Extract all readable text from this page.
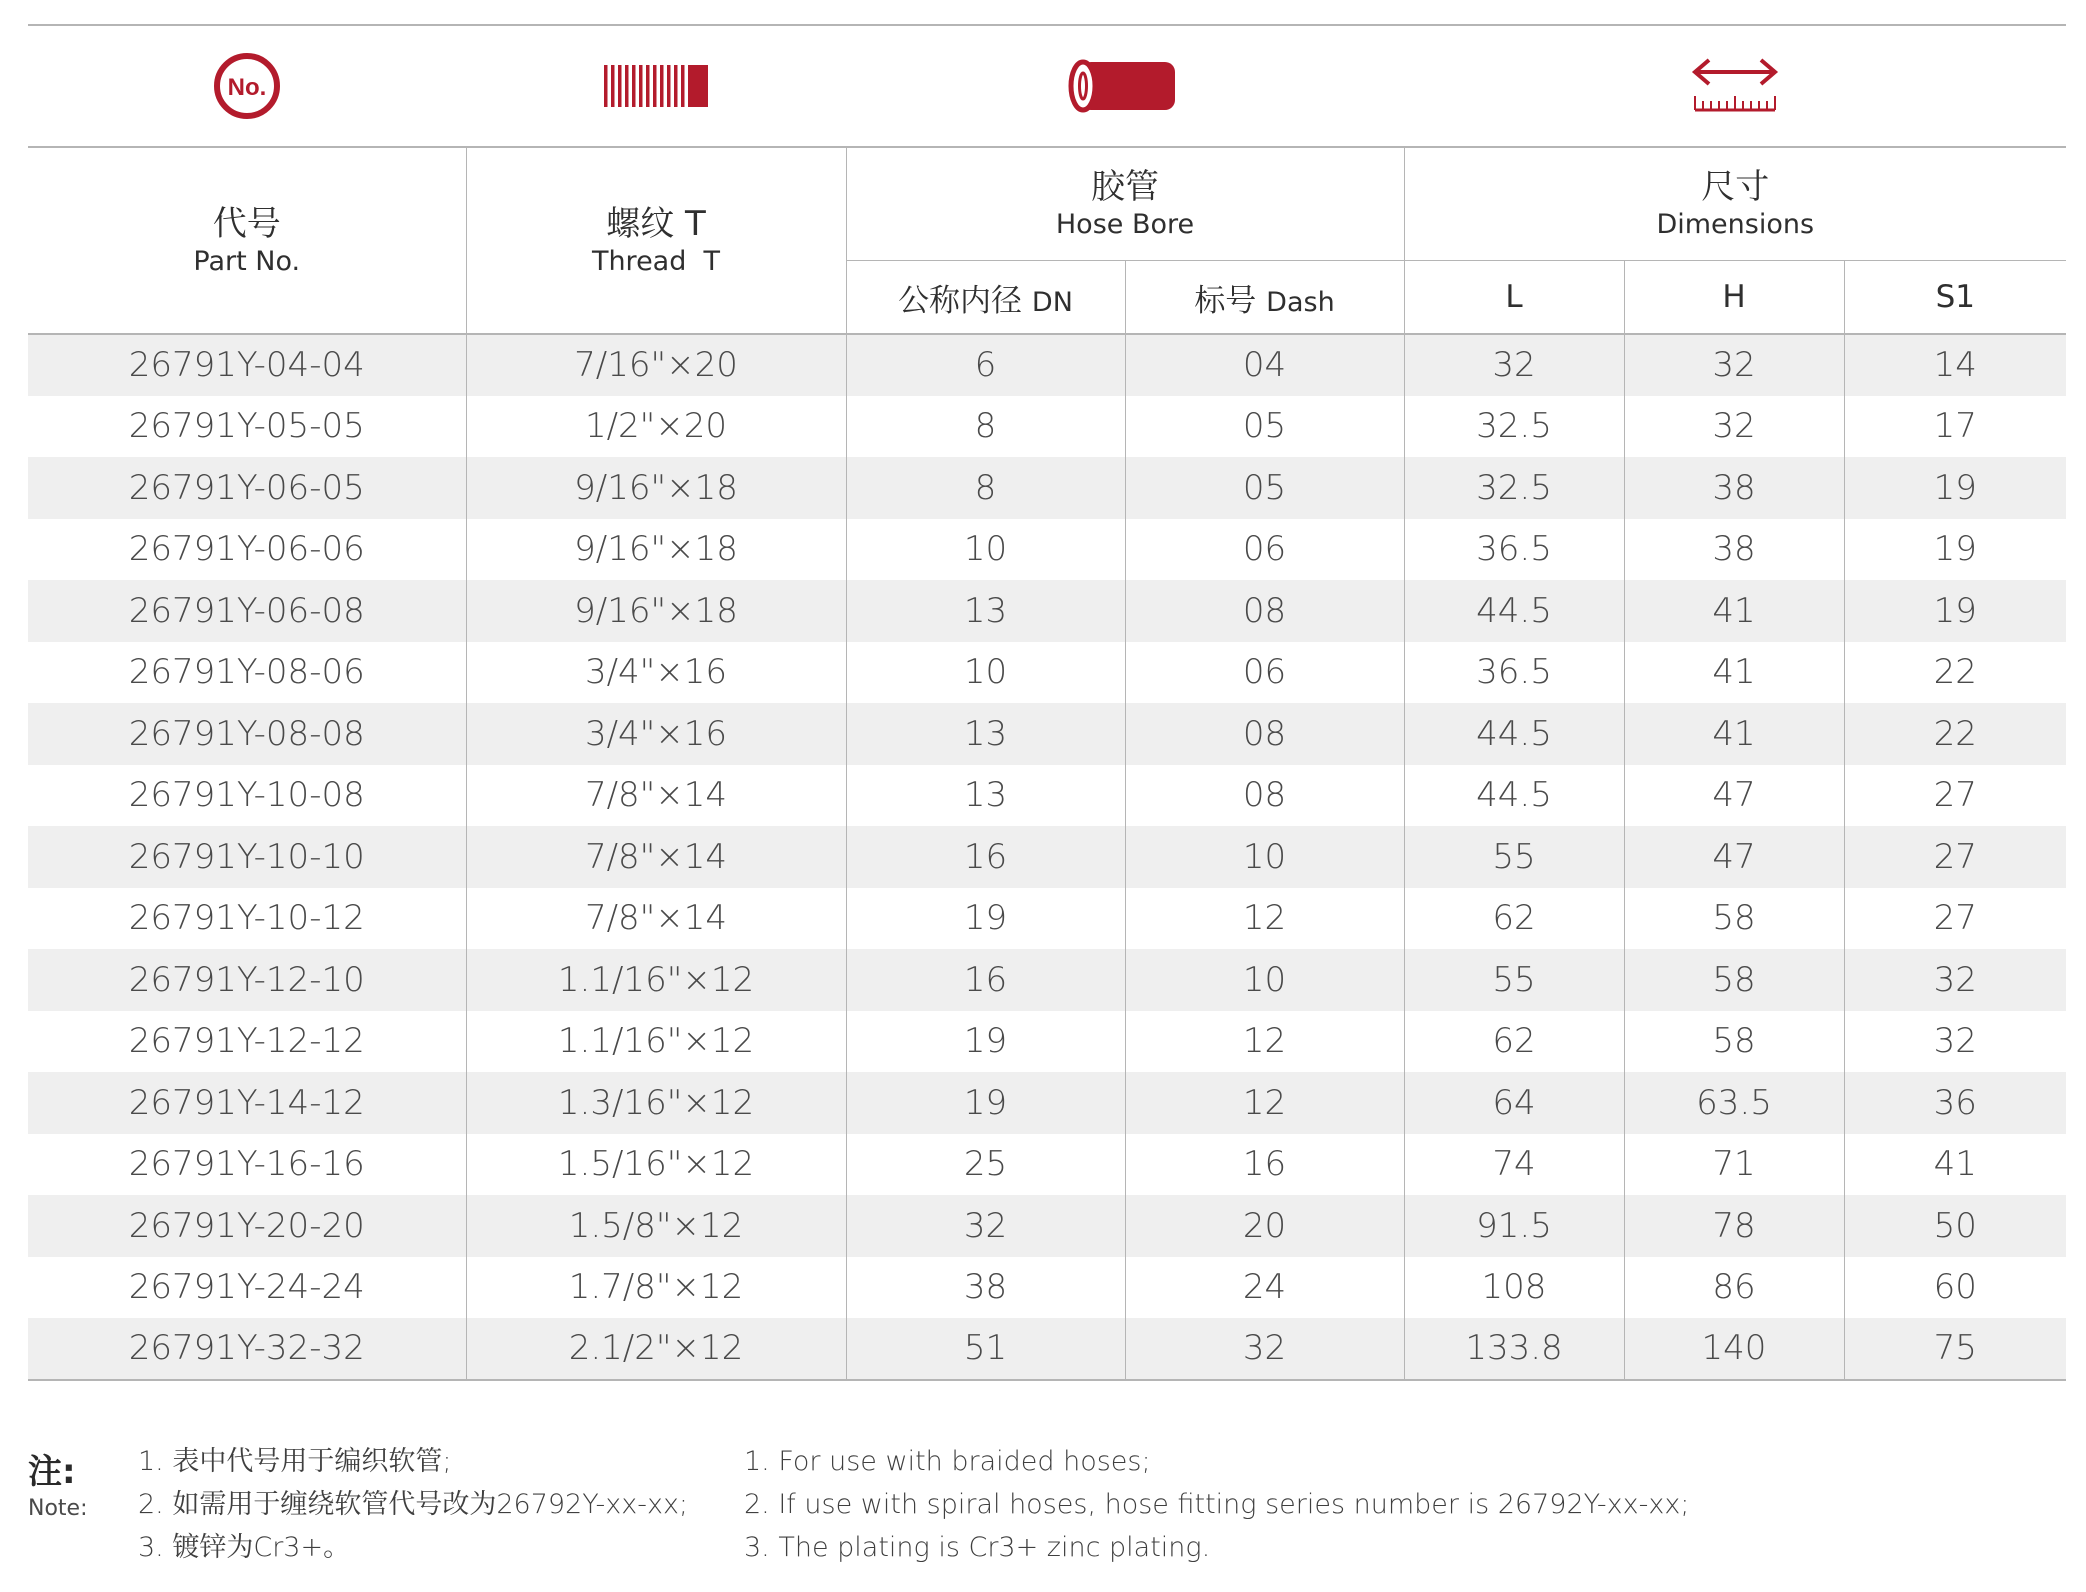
No.
代号
Part No.	螺纹 T
Thread  T	胶管
Hose Bore		尺寸
Dimensions		

		公称内径 DN	标号 Dash	L	H	S1
26791Y-04-04	7/16"×20	6	04	32	32	14
26791Y-05-05	1/2"×20	8	05	32.5	32	17
26791Y-06-05	9/16"×18	8	05	32.5	38	19
26791Y-06-06	9/16"×18	10	06	36.5	38	19
26791Y-06-08	9/16"×18	13	08	44.5	41	19
26791Y-08-06	3/4"×16	10	06	36.5	41	22
26791Y-08-08	3/4"×16	13	08	44.5	41	22
26791Y-10-08	7/8"×14	13	08	44.5	47	27
26791Y-10-10	7/8"×14	16	10	55	47	27
26791Y-10-12	7/8"×14	19	12	62	58	27
26791Y-12-10	1.1/16"×12	16	10	55	58	32
26791Y-12-12	1.1/16"×12	19	12	62	58	32
26791Y-14-12	1.3/16"×12	19	12	64	63.5	36
26791Y-16-16	1.5/16"×12	25	16	74	71	41
26791Y-20-20	1.5/8"×12	32	20	91.5	78	50
26791Y-24-24	1.7/8"×12	38	24	108	86	60
26791Y-32-32	2.1/2"×12	51	32	133.8	140	75
注:
Note:
1. 表中代号用于编织软管;
2. 如需用于缠绕软管代号改为26792Y-xx-xx;
3. 镀锌为Cr3+。
1. For use with braided hoses;
2. If use with spiral hoses, hose fitting series number is 26792Y-xx-xx;
3. The plating is Cr3+ zinc plating.
